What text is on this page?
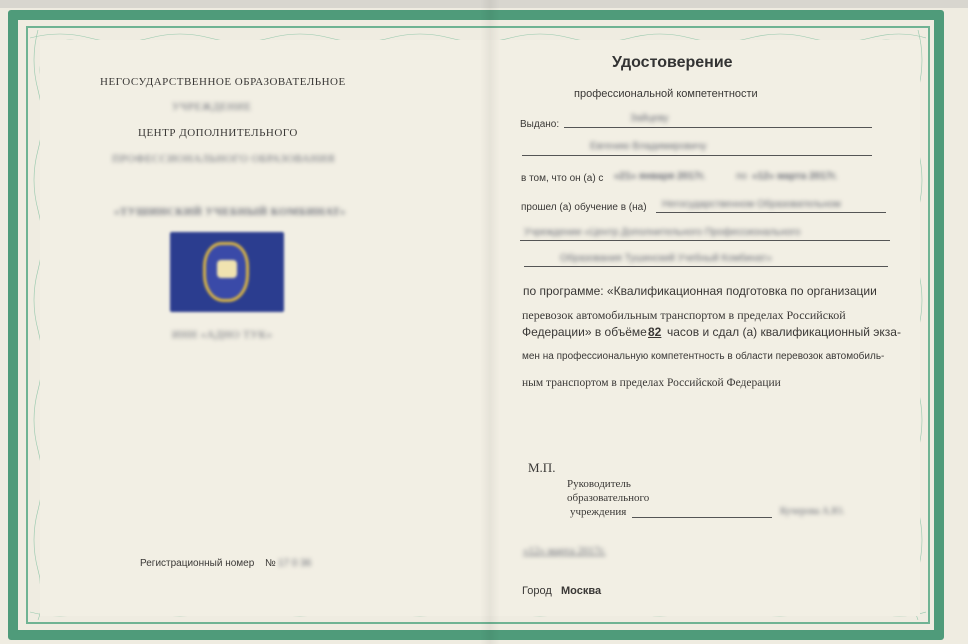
НЕГОСУДАРСТВЕННОЕ ОБРАЗОВАТЕЛЬНОЕ
УЧРЕЖДЕНИЕ
ЦЕНТР ДОПОЛНИТЕЛЬНОГО
ПРОФЕССИОНАЛЬНОГО ОБРАЗОВАНИЯ
«ТУШИНСКИЙ УЧЕБНЫЙ КОМБИНАТ»
ИНН «АДНО ТУК»
Регистрационный номер № 17 0 36
Удостоверение
профессиональной компетентности
Выдано:
Зайцеву
Евгению Владимировичу
в том, что он (а) с «21» января 2017г.	по «12» марта 2017г.
прошел (а) обучение в (на) Негосударственном Образовательном
Учреждении «Центр Дополнительного Профессионального
Образования Тушинский Учебный Комбинат»
по программе: «Квалификационная подготовка по организации
перевозок автомобильным транспортом в пределах Российской
Федерации» в объёме 82 часов и сдал (а) квалификационный экза-
мен на профессиональную компетентность в области перевозок автомобиль-
ным транспортом в пределах Российской Федерации
М.П.
Руководитель
образовательного
учреждения	Кучерова А.Ю.
«12» марта 2017г.
Город Москва
